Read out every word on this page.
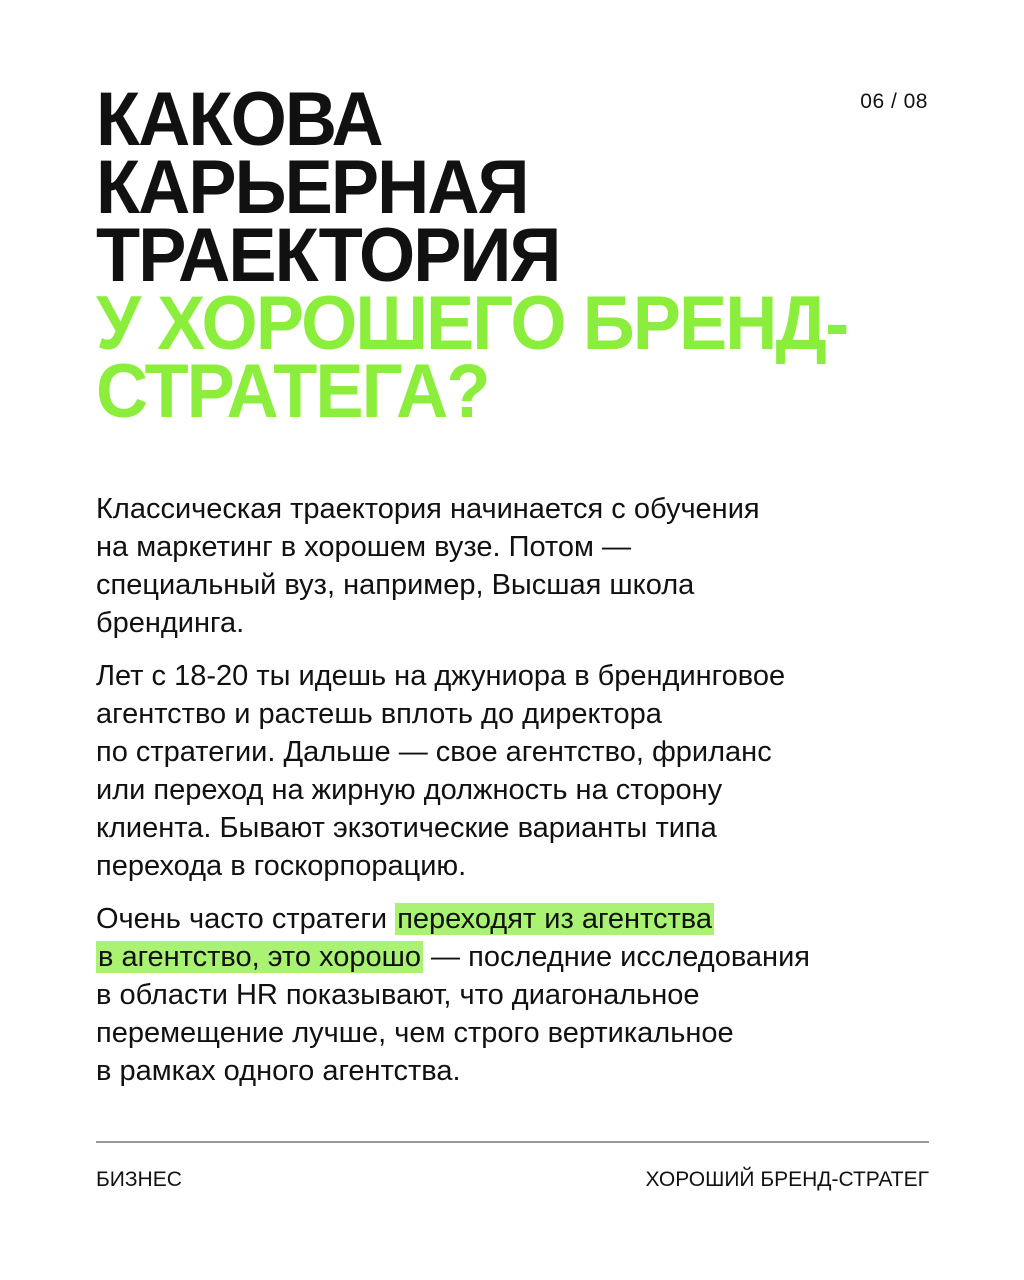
06 / 08
КАКОВА
КАРЬЕРНАЯ
ТРАЕКТОРИЯ
У ХОРОШЕГО БРЕНД-
СТРАТЕГА?

Классическая траектория начинается с обучения
на маркетинг в хорошем вузе. Потом —
специальный вуз, например, Высшая школа
брендинга.

Лет с 18-20 ты идешь на джуниора в брендинговое
агентство и растешь вплоть до директора
по стратегии. Дальше — свое агентство, фриланс
или переход на жирную должность на сторону
клиента. Бывают экзотические варианты типа
перехода в госкорпорацию.

Очень часто стратеги переходят из агентства
в агентство, это хорошо — последние исследования
в области HR показывают, что диагональное
перемещение лучше, чем строго вертикальное
в рамках одного агентства.

БИЗНЕС	ХОРОШИЙ БРЕНД-СТРАТЕГ
